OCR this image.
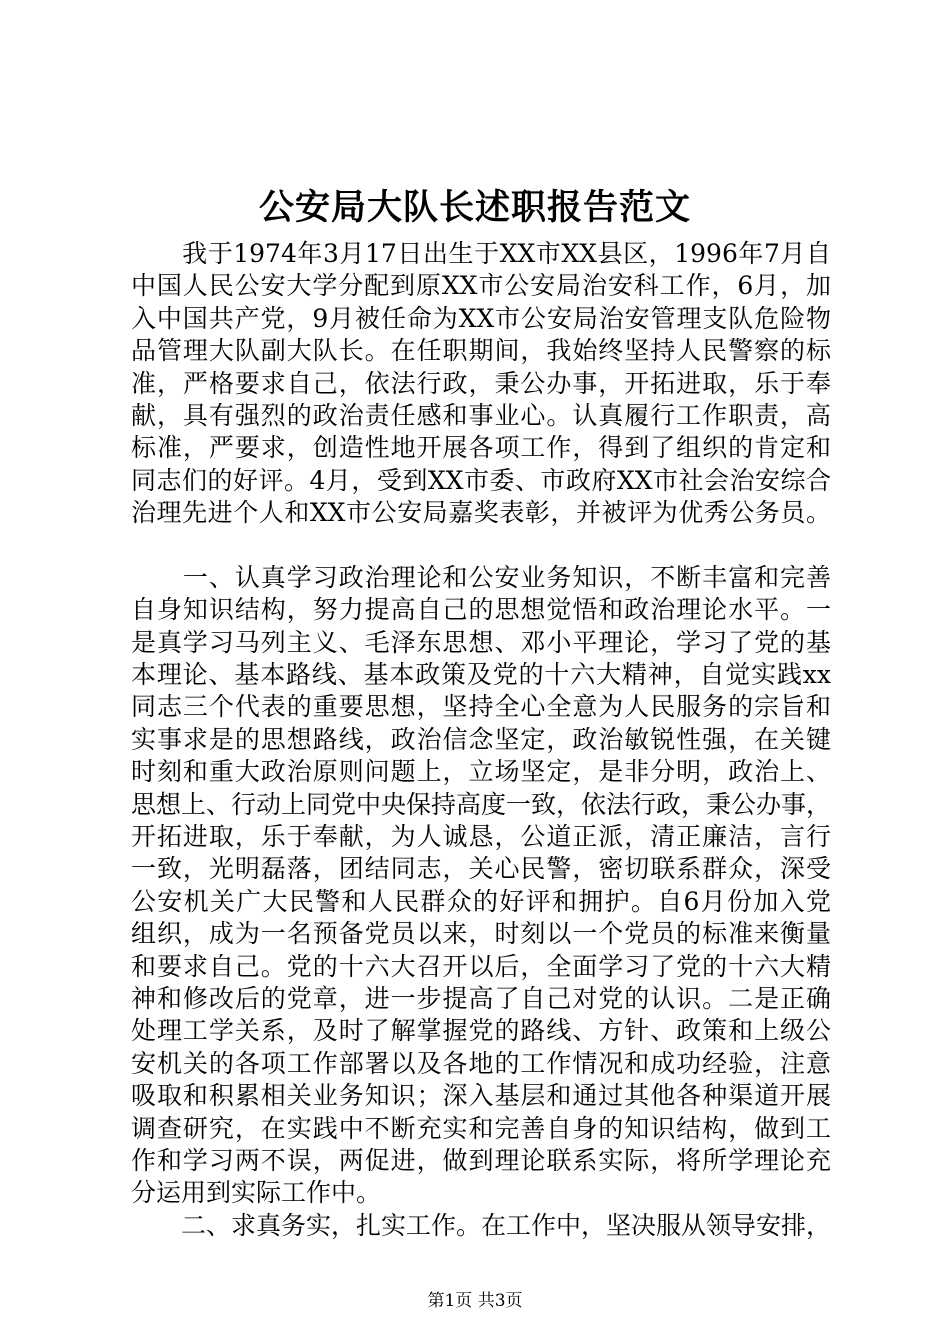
公安局大队长述职报告范文
　　我于1974年3月17日出生于XX市XX县区，1996年7月自
中国人民公安大学分配到原XX市公安局治安科工作，6月，加
入中国共产党，9月被任命为XX市公安局治安管理支队危险物
品管理大队副大队长。在任职期间，我始终坚持人民警察的标
准，严格要求自己，依法行政，秉公办事，开拓进取，乐于奉
献，具有强烈的政治责任感和事业心。认真履行工作职责，高
标准，严要求，创造性地开展各项工作，得到了组织的肯定和
同志们的好评。4月，受到XX市委、市政府XX市社会治安综合
治理先进个人和XX市公安局嘉奖表彰，并被评为优秀公务员。
　　一、认真学习政治理论和公安业务知识，不断丰富和完善
自身知识结构，努力提高自己的思想觉悟和政治理论水平。一
是真学习马列主义、毛泽东思想、邓小平理论，学习了党的基
本理论、基本路线、基本政策及党的十六大精神，自觉实践xx
同志三个代表的重要思想，坚持全心全意为人民服务的宗旨和
实事求是的思想路线，政治信念坚定，政治敏锐性强，在关键
时刻和重大政治原则问题上，立场坚定，是非分明，政治上、
思想上、行动上同党中央保持高度一致，依法行政，秉公办事，
开拓进取，乐于奉献，为人诚恳，公道正派，清正廉洁，言行
一致，光明磊落，团结同志，关心民警，密切联系群众，深受
公安机关广大民警和人民群众的好评和拥护。自6月份加入党
组织，成为一名预备党员以来，时刻以一个党员的标准来衡量
和要求自己。党的十六大召开以后，全面学习了党的十六大精
神和修改后的党章，进一步提高了自己对党的认识。二是正确
处理工学关系，及时了解掌握党的路线、方针、政策和上级公
安机关的各项工作部署以及各地的工作情况和成功经验，注意
吸取和积累相关业务知识；深入基层和通过其他各种渠道开展
调查研究，在实践中不断充实和完善自身的知识结构，做到工
作和学习两不误，两促进，做到理论联系实际，将所学理论充
分运用到实际工作中。
　　二、求真务实，扎实工作。在工作中，坚决服从领导安排，
第1页 共3页
